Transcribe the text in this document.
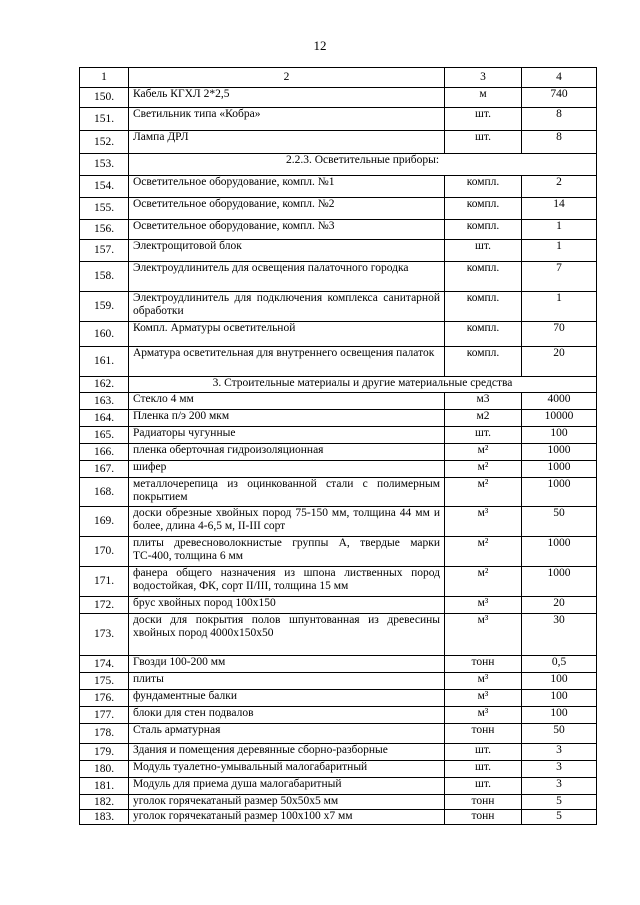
12
1	2	3	4
150.	Кабель КГХЛ 2*2,5	м	740
151.	Светильник типа «Кобра»	шт.	8
152.	Лампа ДРЛ	шт.	8
153.	2.2.3. Осветительные приборы:		
154.	Осветительное оборудование, компл. №1	компл.	2
155.	Осветительное оборудование, компл. №2	компл.	14
156.	Осветительное оборудование, компл. №3	компл.	1
157.	Электрощитовой блок	шт.	1
158.	Электроудлинитель для освещения палаточного городка	компл.	7
159.	Электроудлинитель для подключения комплекса санитарной обработки	компл.	1
160.	Компл. Арматуры осветительной	компл.	70
161.	Арматура осветительная для внутреннего освещения палаток	компл.	20
162.	3. Строительные материалы и другие материальные средства		
163.	Стекло 4 мм	м3	4000
164.	Пленка п/э 200 мкм	м2	10000
165.	Радиаторы чугунные	шт.	100
166.	пленка оберточная гидроизоляционная	м²	1000
167.	шифер	м²	1000
168.	металлочерепица из оцинкованной стали с полимерным покрытием	м²	1000
169.	доски обрезные хвойных пород 75-150 мм, толщина 44 мм и более, длина 4-6,5 м, II-III сорт	м³	50
170.	плиты древесноволокнистые группы А, твердые марки ТС-400, толщина 6 мм	м²	1000
171.	фанера общего назначения из шпона лиственных пород водостойкая, ФК, сорт II/III, толщина 15 мм	м²	1000
172.	брус хвойных пород 100х150	м³	20
173.	доски для покрытия полов шпунтованная из древесины хвойных пород 4000х150х50	м³	30
174.	Гвозди 100-200 мм	тонн	0,5
175.	плиты	м³	100
176.	фундаментные балки	м³	100
177.	блоки для стен подвалов	м³	100
178.	Сталь арматурная	тонн	50
179.	Здания и помещения деревянные сборно-разборные	шт.	3
180.	Модуль туалетно-умывальный малогабаритный	шт.	3
181.	Модуль для приема душа малогабаритный	шт.	3
182.	уголок горячекатаный размер 50х50х5 мм	тонн	5
183.	уголок горячекатаный размер 100х100 х7 мм	тонн	5
